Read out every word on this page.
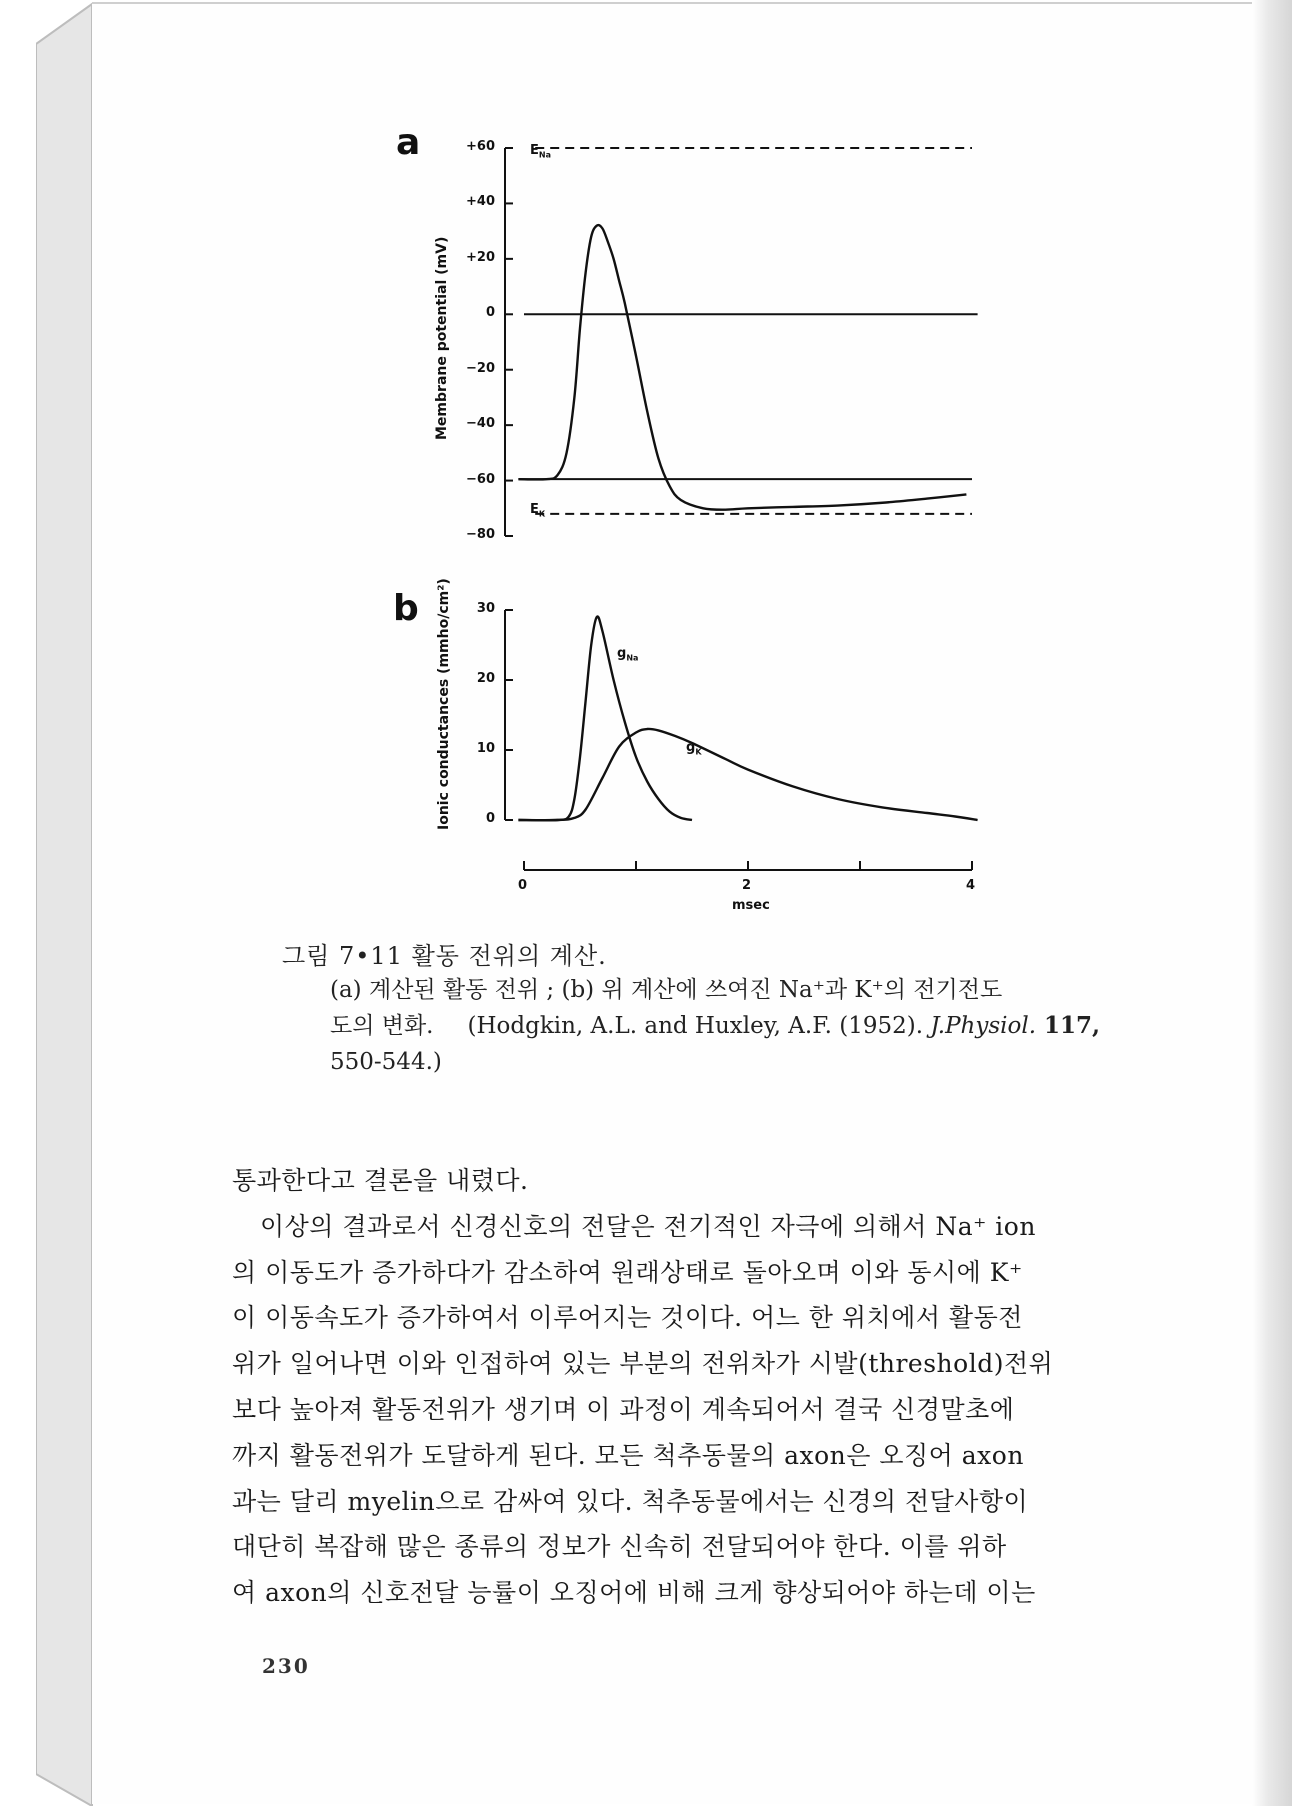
a
b
Membrane potential (mV)
Ionic conductances (mmho/cm²)
+60
+40
+20
0
−20
−40
−60
−80
30
20
10
0
0	2	4
$E_{Na}$
$E_K$
$g_{Na}$
$g_K$
msec
그림 7•11 활동 전위의 계산.
(a) 계산된 활동 전위 ; (b) 위 계산에 쓰여진 Na⁺과 K⁺의 전기전도
도의 변화. (Hodgkin, A.L. and Huxley, A.F. (1952). J.Physiol. 117,
550-544.)
통과한다고 결론을 내렸다.
이상의 결과로서 신경신호의 전달은 전기적인 자극에 의해서 Na⁺ ion
의 이동도가 증가하다가 감소하여 원래상태로 돌아오며 이와 동시에 K⁺
이 이동속도가 증가하여서 이루어지는 것이다. 어느 한 위치에서 활동전
위가 일어나면 이와 인접하여 있는 부분의 전위차가 시발(threshold)전위
보다 높아져 활동전위가 생기며 이 과정이 계속되어서 결국 신경말초에
까지 활동전위가 도달하게 된다. 모든 척추동물의 axon은 오징어 axon
과는 달리 myelin으로 감싸여 있다. 척추동물에서는 신경의 전달사항이
대단히 복잡해 많은 종류의 정보가 신속히 전달되어야 한다. 이를 위하
여 axon의 신호전달 능률이 오징어에 비해 크게 향상되어야 하는데 이는
230
